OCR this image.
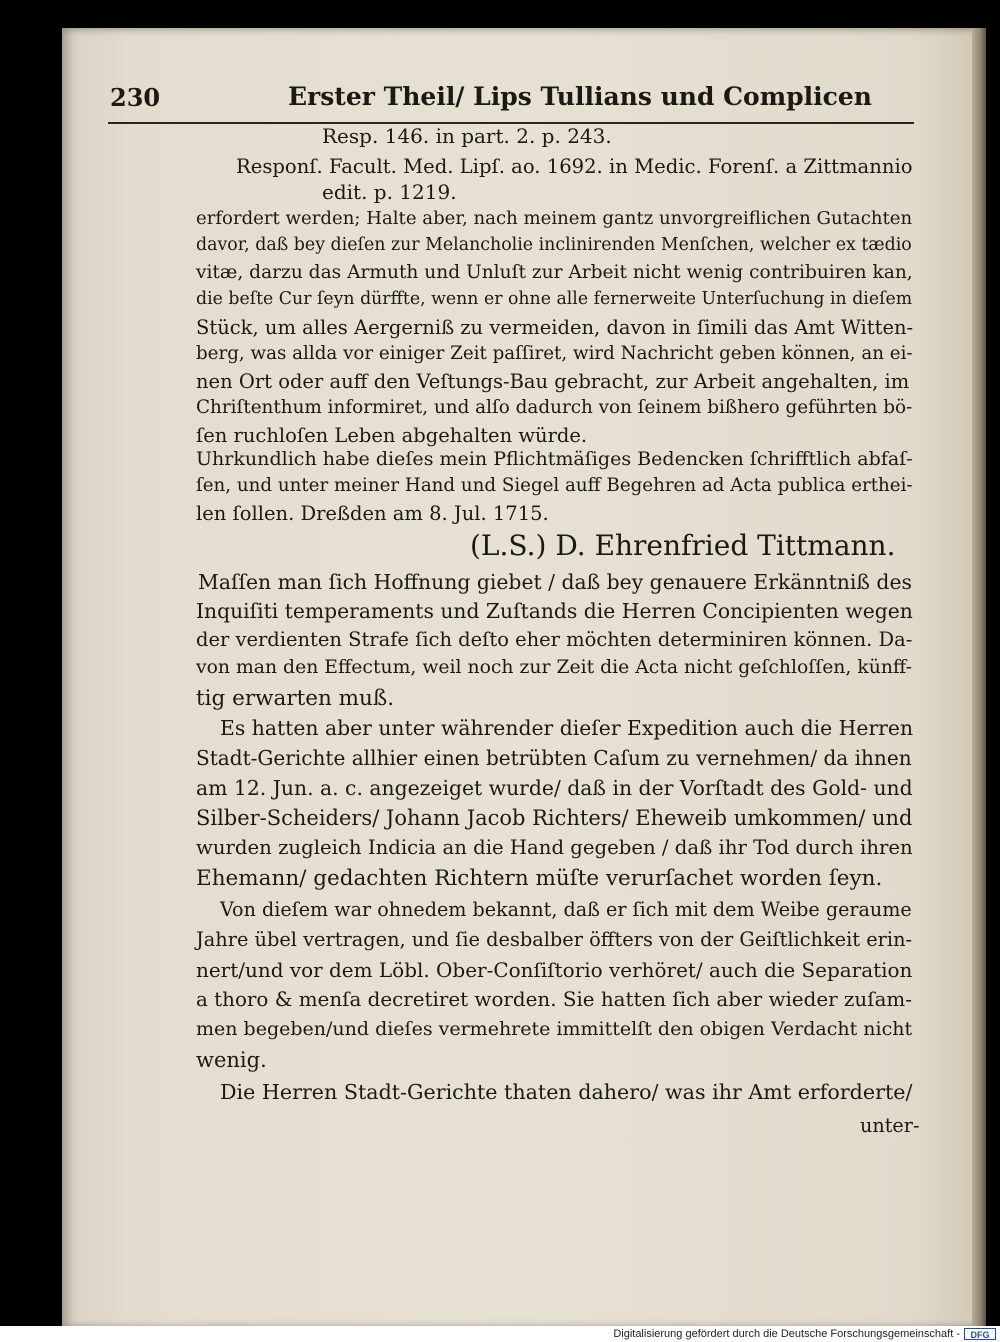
230	Erster Theil/ Lips Tullians und Complicen
Resp. 146. in part. 2. p. 243.
Responſ. Facult. Med. Lipſ. ao. 1692. in Medic. Forenſ. a Zittmannio
edit. p. 1219.
erfordert werden; Halte aber, nach meinem gantz unvorgreiflichen Gutachten
davor, daß bey dieſen zur Melancholie inclinirenden Menſchen, welcher ex tædio
vitæ, darzu das Armuth und Unluſt zur Arbeit nicht wenig contribuiren kan,
die beſte Cur ſeyn dürffte, wenn er ohne alle fernerweite Unterſuchung in dieſem
Stück, um alles Aergerniß zu vermeiden, davon in ſimili das Amt Witten-
berg, was allda vor einiger Zeit paſſiret, wird Nachricht geben können, an ei-
nen Ort oder auff den Veſtungs-Bau gebracht, zur Arbeit angehalten, im
Chriſtenthum informiret, und alſo dadurch von ſeinem bißhero geführten bö-
ſen ruchloſen Leben abgehalten würde.
Uhrkundlich habe dieſes mein Pflichtmäſiges Bedencken ſchrifftlich abfaſ-
ſen, und unter meiner Hand und Siegel auff Begehren ad Acta publica erthei-
len ſollen. Dreßden am 8. Jul. 1715.
(L.S.) D. Ehrenfried Tittmann.
Maſſen man ſich Hoffnung giebet / daß bey genauere Erkänntniß des
Inquiſiti temperaments und Zuſtands die Herren Concipienten wegen
der verdienten Strafe ſich deſto eher möchten determiniren können. Da-
von man den Effectum, weil noch zur Zeit die Acta nicht geſchloſſen, künff-
tig erwarten muß.
Es hatten aber unter währender dieſer Expedition auch die Herren
Stadt-Gerichte allhier einen betrübten Caſum zu vernehmen/ da ihnen
am 12. Jun. a. c. angezeiget wurde/ daß in der Vorſtadt des Gold- und
Silber-Scheiders/ Johann Jacob Richters/ Eheweib umkommen/ und
wurden zugleich Indicia an die Hand gegeben / daß ihr Tod durch ihren
Ehemann/ gedachten Richtern müſte verurſachet worden ſeyn.
Von dieſem war ohnedem bekannt, daß er ſich mit dem Weibe geraume
Jahre übel vertragen, und ſie desbalber öffters von der Geiſtlichkeit erin-
nert/und vor dem Löbl. Ober-Conſiſtorio verhöret/ auch die Separation
a thoro & menſa decretiret worden. Sie hatten ſich aber wieder zuſam-
men begeben/und dieſes vermehrete immittelſt den obigen Verdacht nicht
wenig.
Die Herren Stadt-Gerichte thaten dahero/ was ihr Amt erforderte/
unter-
Digitalisierung gefördert durch die Deutsche Forschungsgemeinschaft -	DFG
